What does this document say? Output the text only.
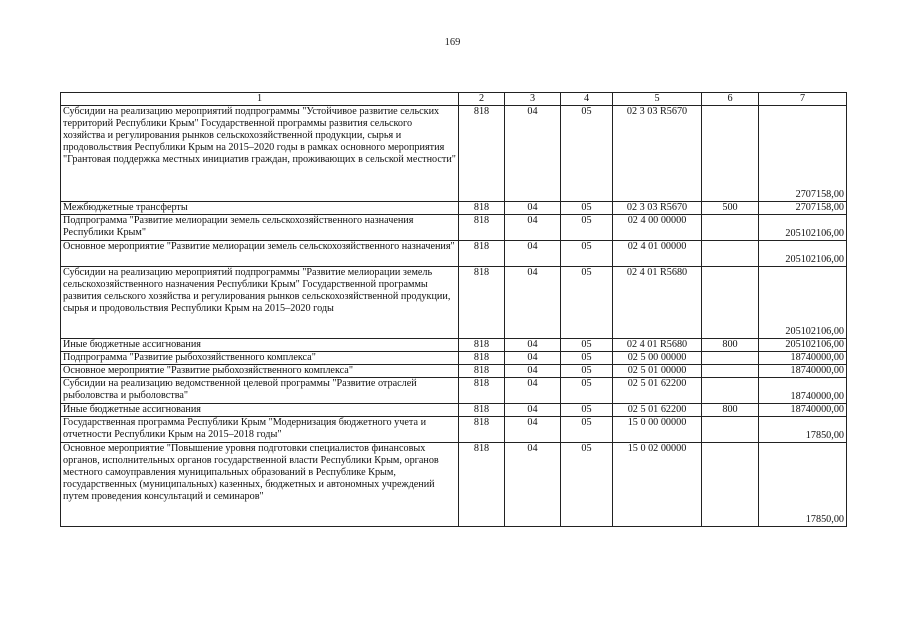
169
1	2	3	4	5	6	7
Субсидии на реализацию мероприятий подпрограммы "Устойчивое развитие сельских территорий Республики Крым" Государственной программы развития сельского хозяйства и регулирования рынков сельскохозяйственной продукции, сырья и продовольствия Республики Крым на 2015–2020 годы в рамках основного мероприятия "Грантовая поддержка местных инициатив граждан, проживающих в сельской местности"	818	04	05	02 3 03 R5670		2707158,00
Межбюджетные трансферты	818	04	05	02 3 03 R5670	500	2707158,00
Подпрограмма "Развитие мелиорации земель сельскохозяйственного назначения Республики Крым"	818	04	05	02 4 00 00000		205102106,00
Основное мероприятие "Развитие мелиорации земель сельскохозяйственного назначения"	818	04	05	02 4 01 00000		205102106,00
Субсидии на реализацию мероприятий подпрограммы "Развитие мелиорации земель сельскохозяйственного назначения Республики Крым" Государственной программы развития сельского хозяйства и регулирования рынков сельскохозяйственной продукции, сырья и продовольствия Республики Крым на 2015–2020 годы	818	04	05	02 4 01 R5680		205102106,00
Иные бюджетные ассигнования	818	04	05	02 4 01 R5680	800	205102106,00
Подпрограмма "Развитие рыбохозяйственного комплекса"	818	04	05	02 5 00 00000		18740000,00
Основное мероприятие "Развитие рыбохозяйственного комплекса"	818	04	05	02 5 01 00000		18740000,00
Субсидии на реализацию ведомственной целевой программы "Развитие отраслей рыболовства и рыболовства"	818	04	05	02 5 01 62200		18740000,00
Иные бюджетные ассигнования	818	04	05	02 5 01 62200	800	18740000,00
Государственная программа Республики Крым "Модернизация бюджетного учета и отчетности Республики Крым на 2015–2018 годы"	818	04	05	15 0 00 00000		17850,00
Основное мероприятие "Повышение уровня подготовки специалистов финансовых органов, исполнительных органов государственной власти Республики Крым, органов местного самоуправления муниципальных образований в Республике Крым, государственных (муниципальных) казенных, бюджетных и автономных учреждений путем проведения консультаций и семинаров"	818	04	05	15 0 02 00000		17850,00
